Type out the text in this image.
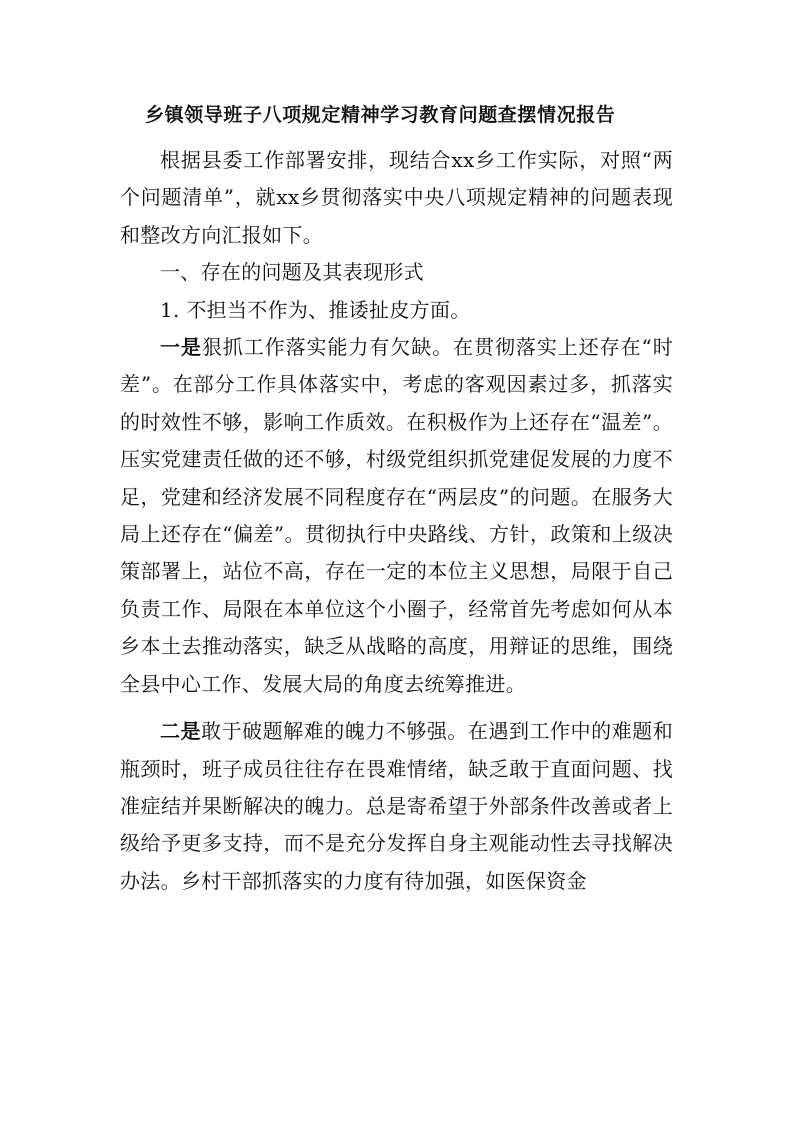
乡镇领导班子八项规定精神学习教育问题查摆情况报告

根据县委工作部署安排，现结合xx乡工作实际，对照“两个问题清单”，就xx乡贯彻落实中央八项规定精神的问题表现和整改方向汇报如下。

一、存在的问题及其表现形式

1. 不担当不作为、推诿扯皮方面。

一是狠抓工作落实能力有欠缺。在贯彻落实上还存在“时差”。在部分工作具体落实中，考虑的客观因素过多，抓落实的时效性不够，影响工作质效。在积极作为上还存在“温差”。压实党建责任做的还不够，村级党组织抓党建促发展的力度不足，党建和经济发展不同程度存在“两层皮”的问题。在服务大局上还存在“偏差”。贯彻执行中央路线、方针，政策和上级决策部署上，站位不高，存在一定的本位主义思想，局限于自己负责工作、局限在本单位这个小圈子，经常首先考虑如何从本乡本土去推动落实，缺乏从战略的高度，用辩证的思维，围绕全县中心工作、发展大局的角度去统筹推进。

二是敢于破题解难的魄力不够强。在遇到工作中的难题和瓶颈时，班子成员往往存在畏难情绪，缺乏敢于直面问题、找准症结并果断解决的魄力。总是寄希望于外部条件改善或者上级给予更多支持，而不是充分发挥自身主观能动性去寻找解决办法。乡村干部抓落实的力度有待加强，如医保资金
